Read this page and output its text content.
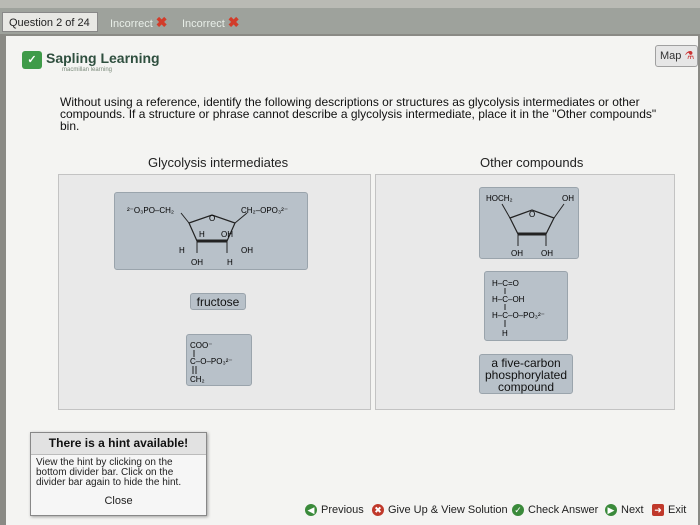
Question 2 of 24	Incorrect ✖	Incorrect ✖
✓ Sapling Learning
macmillan learning
Map ⚗
Without using a reference, identify the following descriptions or structures as glycolysis intermediates or other compounds. If a structure or phrase cannot describe a glycolysis intermediate, place it in the "Other compounds" bin.
Glycolysis intermediates	Other compounds
²⁻O₃PO–CH₂	CH₂–OPO₃²⁻
O
H OH
H	OH
OH	H
fructose
COO⁻
C–O–PO₃²⁻
CH₂
HOCH₂	OH
O
OH OH
H–C=O
H–C–OH
H–C–O–PO₃²⁻
H
a five-carbon phosphorylated compound
There is a hint available!
View the hint by clicking on the bottom divider bar. Click on the divider bar again to hide the hint.
Close
◀ Previous ✖ Give Up & View Solution ✓ Check Answer ▶ Next ➜ Exit
